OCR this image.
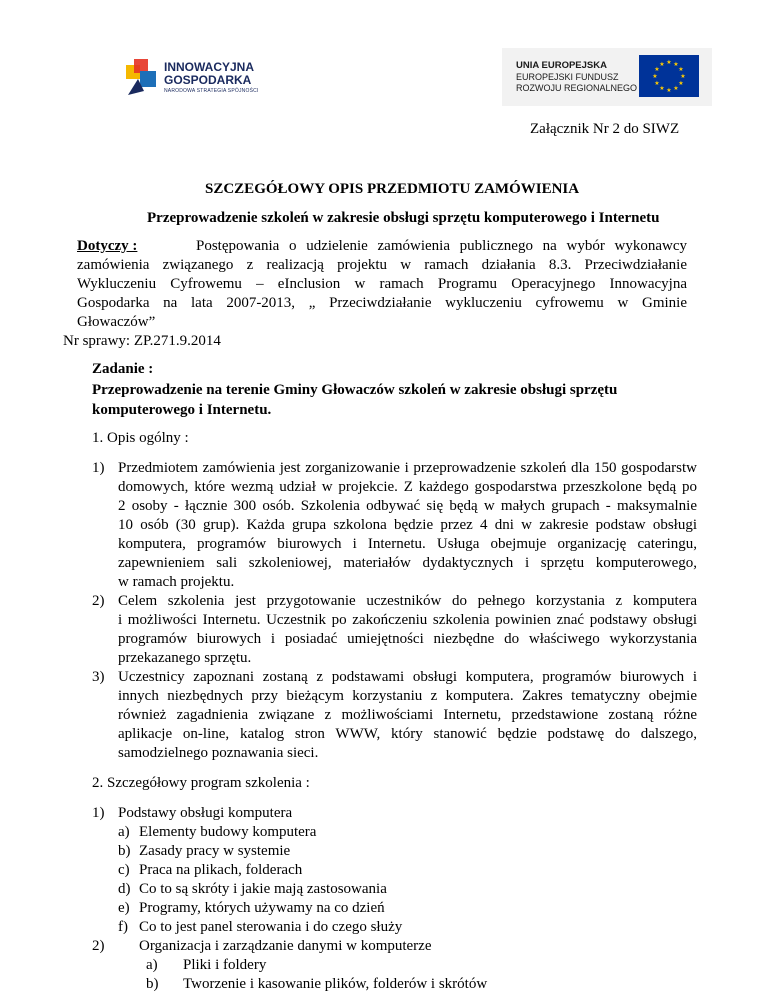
INNOWACYJNA
GOSPODARKA
NARODOWA STRATEGIA SPÓJNOŚCI
UNIA EUROPEJSKA
EUROPEJSKI FUNDUSZ
ROZWOJU REGIONALNEGO
★ ★
★
★
★
★
★
★
★
★
★
★
Załącznik Nr 2 do SIWZ
SZCZEGÓŁOWY OPIS PRZEDMIOTU ZAMÓWIENIA
Przeprowadzenie szkoleń w zakresie obsługi sprzętu komputerowego i Internetu
Dotyczy :	Postępowania o udzielenie zamówienia publicznego na wybór wykonawcy
zamówienia związanego z realizacją projektu w ramach działania 8.3. Przeciwdziałanie
Wykluczeniu Cyfrowemu – eInclusion w ramach Programu Operacyjnego Innowacyjna
Gospodarka na lata 2007-2013, „ Przeciwdziałanie wykluczeniu cyfrowemu w Gminie
Głowaczów”
Nr sprawy: ZP.271.9.2014
Zadanie :
Przeprowadzenie na terenie Gminy Głowaczów szkoleń w zakresie obsługi sprzętu
komputerowego i Internetu.
1. Opis ogólny :
1) Przedmiotem zamówienia jest zorganizowanie i przeprowadzenie szkoleń dla 150 gospodarstw
domowych, które wezmą udział w projekcie. Z każdego gospodarstwa przeszkolone będą po
2 osoby - łącznie 300 osób. Szkolenia odbywać się będą w małych grupach - maksymalnie
10 osób (30 grup). Każda grupa szkolona będzie przez 4 dni w zakresie podstaw obsługi
komputera, programów biurowych i Internetu. Usługa obejmuje organizację cateringu,
zapewnieniem sali szkoleniowej, materiałów dydaktycznych i sprzętu komputerowego,
w ramach projektu.
2) Celem szkolenia jest przygotowanie uczestników do pełnego korzystania z komputera
i możliwości Internetu. Uczestnik po zakończeniu szkolenia powinien znać podstawy obsługi
programów biurowych i posiadać umiejętności niezbędne do właściwego wykorzystania
przekazanego sprzętu.
3) Uczestnicy zapoznani zostaną z podstawami obsługi komputera, programów biurowych i
innych niezbędnych przy bieżącym korzystaniu z komputera. Zakres tematyczny obejmie
również zagadnienia związane z możliwościami Internetu, przedstawione zostaną różne
aplikacje on-line, katalog stron WWW, który stanowić będzie podstawę do dalszego,
samodzielnego poznawania sieci.
2. Szczegółowy program szkolenia :
1) Podstawy obsługi komputera
a) Elementy budowy komputera
b) Zasady pracy w systemie
c) Praca na plikach, folderach
d) Co to są skróty i jakie mają zastosowania
e) Programy, których używamy na co dzień
f) Co to jest panel sterowania i do czego służy
2) Organizacja i zarządzanie danymi w komputerze
a) Pliki i foldery
b) Tworzenie i kasowanie plików, folderów i skrótów
